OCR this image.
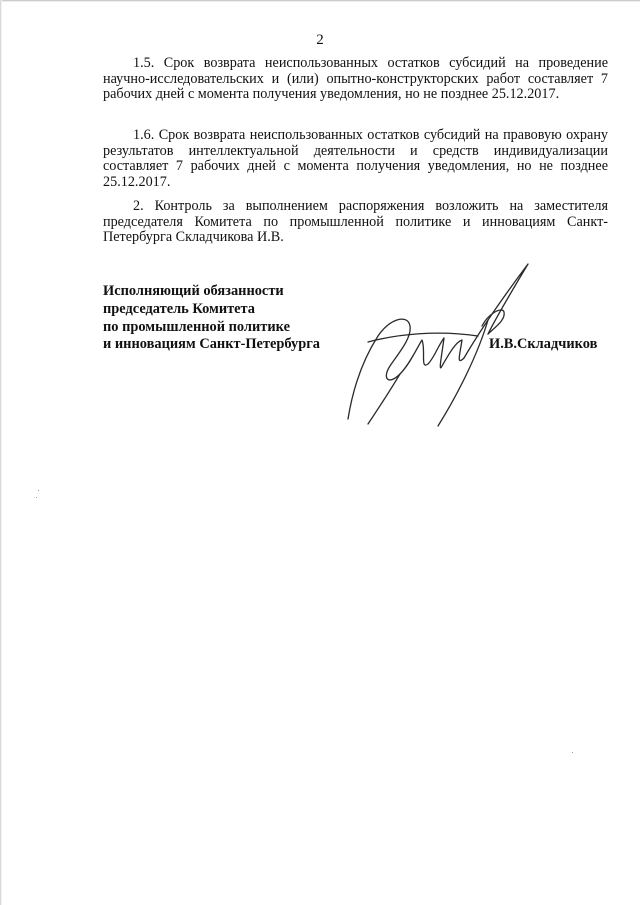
2
1.5. Срок возврата неиспользованных остатков субсидий на проведение научно-исследовательских и (или) опытно-конструкторских работ составляет 7 рабочих дней с момента получения уведомления, но не позднее 25.12.2017.
1.6. Срок возврата неиспользованных остатков субсидий на правовую охрану результатов интеллектуальной деятельности и средств индивидуализации составляет 7 рабочих дней с момента получения уведомления, но не позднее 25.12.2017.
2. Контроль за выполнением распоряжения возложить на заместителя председателя Комитета по промышленной политике и инновациям Санкт-Петербурга Складчикова И.В.
Исполняющий обязанности
председатель Комитета
по промышленной политике
и инновациям Санкт-Петербурга	И.В.Складчиков
